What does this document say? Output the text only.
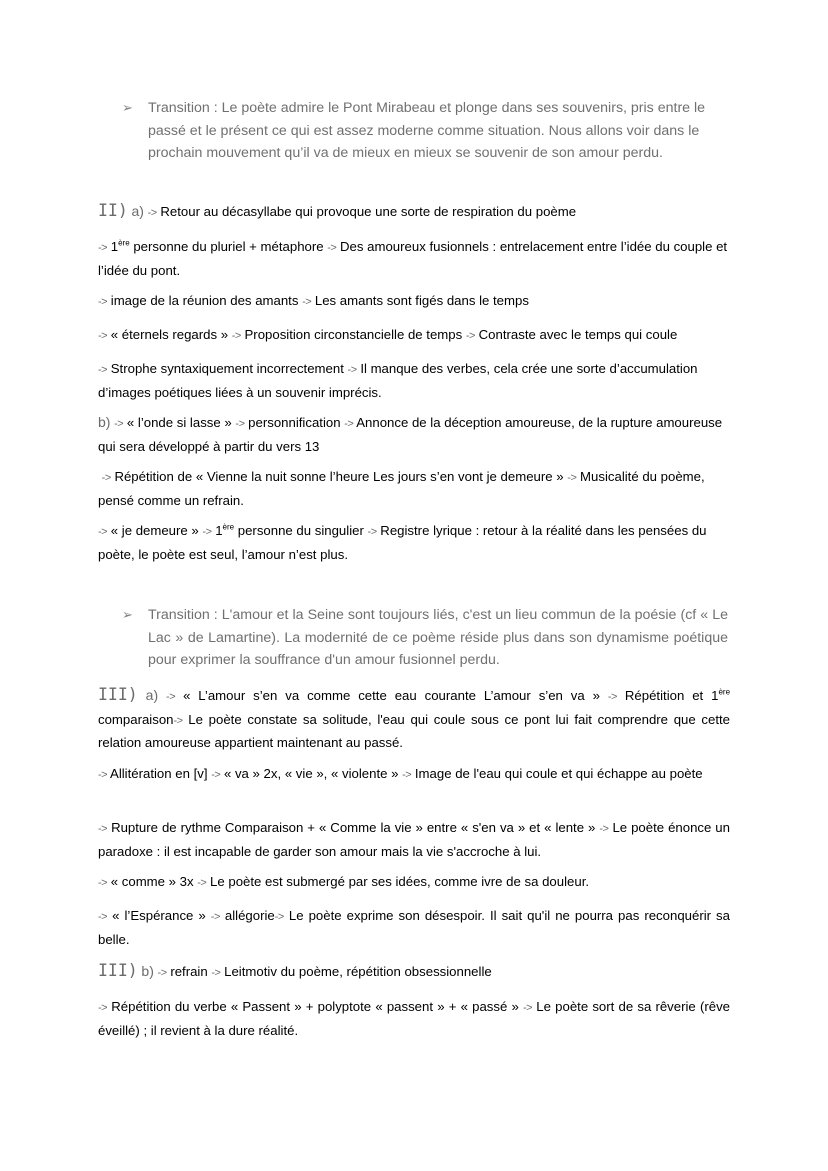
➢ Transition : Le poète admire le Pont Mirabeau et plonge dans ses souvenirs, pris entre le passé et le présent ce qui est assez moderne comme situation. Nous allons voir dans le prochain mouvement qu’il va de mieux en mieux se souvenir de son amour perdu.
II) a) -> Retour au décasyllabe qui provoque une sorte de respiration du poème
-> 1ère personne du pluriel + métaphore -> Des amoureux fusionnels : entrelacement entre l’idée du couple et l’idée du pont.
-> image de la réunion des amants -> Les amants sont figés dans le temps
-> « éternels regards » -> Proposition circonstancielle de temps -> Contraste avec le temps qui coule
-> Strophe syntaxiquement incorrectement -> Il manque des verbes, cela crée une sorte d’accumulation d’images poétiques liées à un souvenir imprécis.
b) -> « l’onde si lasse » -> personnification -> Annonce de la déception amoureuse, de la rupture amoureuse qui sera développé à partir du vers 13
-> Répétition de « Vienne la nuit sonne l’heure Les jours s’en vont je demeure » -> Musicalité du poème, pensé comme un refrain.
-> « je demeure » -> 1ère personne du singulier -> Registre lyrique : retour à la réalité dans les pensées du poète, le poète est seul, l’amour n’est plus.
➢ Transition : L'amour et la Seine sont toujours liés, c'est un lieu commun de la poésie (cf « Le Lac » de Lamartine). La modernité de ce poème réside plus dans son dynamisme poétique pour exprimer la souffrance d'un amour fusionnel perdu.
III) a) -> « L’amour s’en va comme cette eau courante L’amour s’en va » -> Répétition et 1ère comparaison-> Le poète constate sa solitude, l'eau qui coule sous ce pont lui fait comprendre que cette relation amoureuse appartient maintenant au passé.
-> Allitération en [v] -> « va » 2x, « vie », « violente » -> Image de l'eau qui coule et qui échappe au poète
-> Rupture de rythme Comparaison + « Comme la vie » entre « s'en va » et « lente » -> Le poète énonce un paradoxe : il est incapable de garder son amour mais la vie s'accroche à lui.
-> « comme » 3x -> Le poète est submergé par ses idées, comme ivre de sa douleur.
-> « l’Espérance » -> allégorie-> Le poète exprime son désespoir. Il sait qu'il ne pourra pas reconquérir sa belle.
III) b) -> refrain -> Leitmotiv du poème, répétition obsessionnelle
-> Répétition du verbe « Passent » + polyptote « passent » + « passé » -> Le poète sort de sa rêverie (rêve éveillé) ; il revient à la dure réalité.
